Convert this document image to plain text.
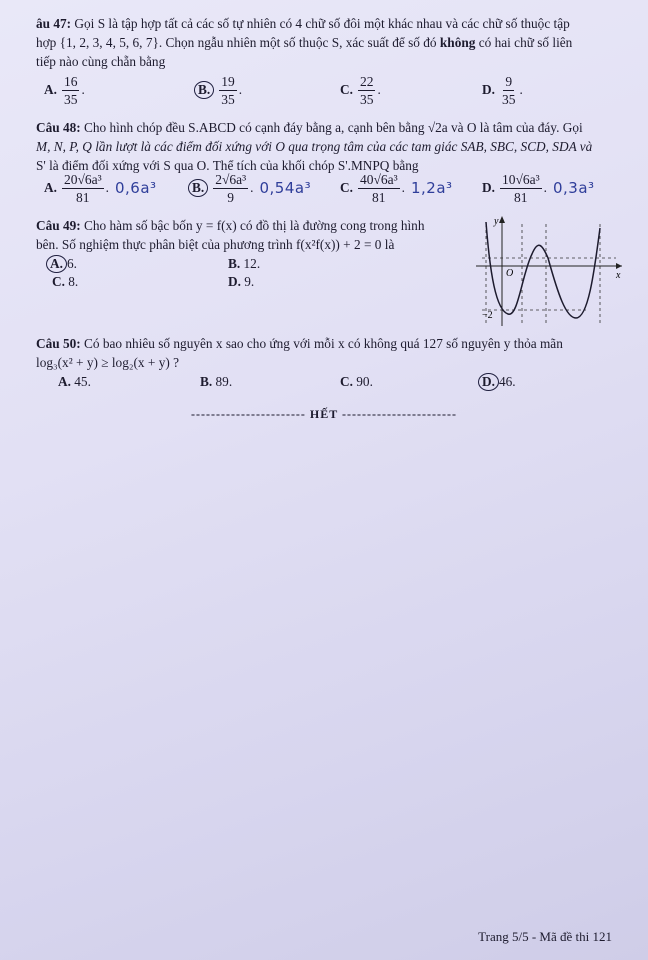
âu 47: Gọi S là tập hợp tất cả các số tự nhiên có 4 chữ số đôi một khác nhau và các chữ số thuộc tập
hợp {1, 2, 3, 4, 5, 6, 7}. Chọn ngẫu nhiên một số thuộc S, xác suất để số đó không có hai chữ số liên
tiếp nào cùng chẵn bằng
A. $\frac{16}{35}$ .	B. $\frac{19}{35}$ .	C. $\frac{22}{35}$ .	D. $\frac{9}{35}$ .
Câu 48: Cho hình chóp đều S.ABCD có cạnh đáy bằng a, cạnh bên bằng √2a và O là tâm của đáy. Gọi
M, N, P, Q lần lượt là các điểm đối xứng với O qua trọng tâm của các tam giác SAB, SBC, SCD, SDA và
S' là điểm đối xứng với S qua O. Thể tích của khối chóp S'.MNPQ bằng
A. $\frac{\text{20√6a³}}{81}$ . 0,6a³	B. $\frac{\text{2√6a³}}{9}$ . 0,54a³ C. $\frac{\text{40√6a³}}{81}$ . 1,2a³ D. $\frac{\text{10√6a³}}{81}$ . 0,3a³
Câu 49: Cho hàm số bậc bốn y = f(x) có đồ thị là đường cong trong hình
bên. Số nghiệm thực phân biệt của phương trình f(x²f(x)) + 2 = 0 là
A. 6.	B. 12.
C. 8.	D. 9.
y
x
O
−2
Câu 50: Có bao nhiêu số nguyên x sao cho ứng với mỗi x có không quá 127 số nguyên y thỏa mãn
log₃(x² + y) ≥ log₂(x + y) ?
A. 45.	B. 89.	C. 90.	D. 46.
----------------------- HẾT -----------------------
Trang 5/5 - Mã đề thi 121
